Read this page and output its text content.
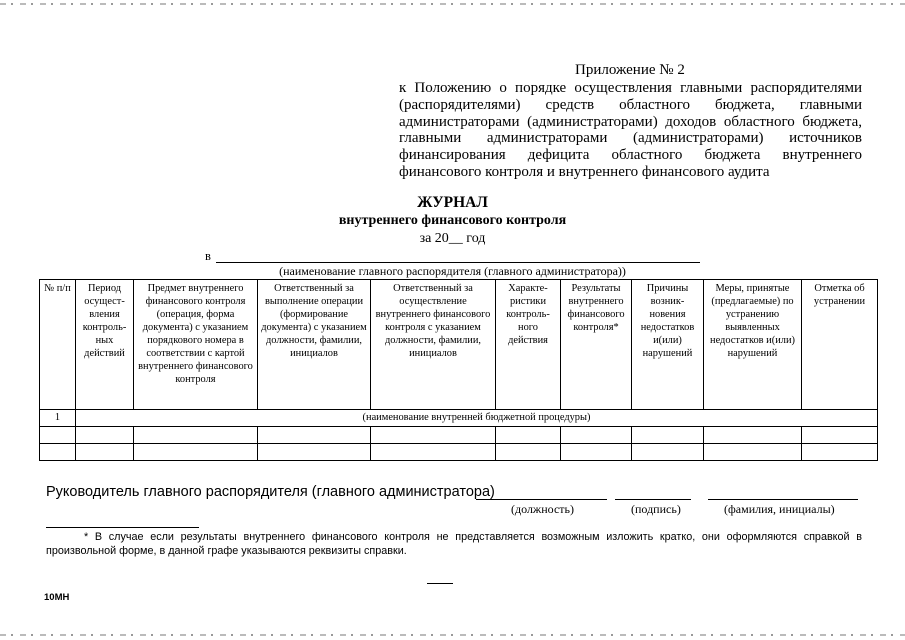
Приложение № 2
к Положению о порядке осуществления главными распорядителями (распорядителями) средств областного бюджета, главными администраторами (администраторами) доходов областного бюджета, главными администраторами (администраторами) источников финансирования дефицита областного бюджета внутреннего финансового контроля и внутреннего финансового аудита
ЖУРНАЛ
внутреннего финансового контроля
за 20__ год
в
(наименование главного распорядителя (главного администратора))
№ п/п	Период осущест-вления контроль-ных действий	Предмет внутреннего финансового контроля (операция, форма документа) с указанием порядкового номера в соответствии с картой внутреннего финансового контроля	Ответственный за выполнение операции (формирование документа) с указанием должности, фамилии, инициалов	Ответственный за осуществление внутреннего финансового контроля с указанием должности, фамилии, инициалов	Характе-ристики контроль-ного действия	Результаты внутреннего финансового контроля*	Причины возник-новения недостатков и(или) нарушений	Меры, принятые (предлагаемые) по устранению выявленных недостатков и(или) нарушений	Отметка об устранении
1	(наименование внутренней бюджетной процедуры)								

Руководитель главного распорядителя (главного администратора)
(должность)	(подпись)	(фамилия, инициалы)
* В случае если результаты внутреннего финансового контроля не представляется возможным изложить кратко, они оформляются справкой в произвольной форме, в данной графе указываются реквизиты справки.
10МН
